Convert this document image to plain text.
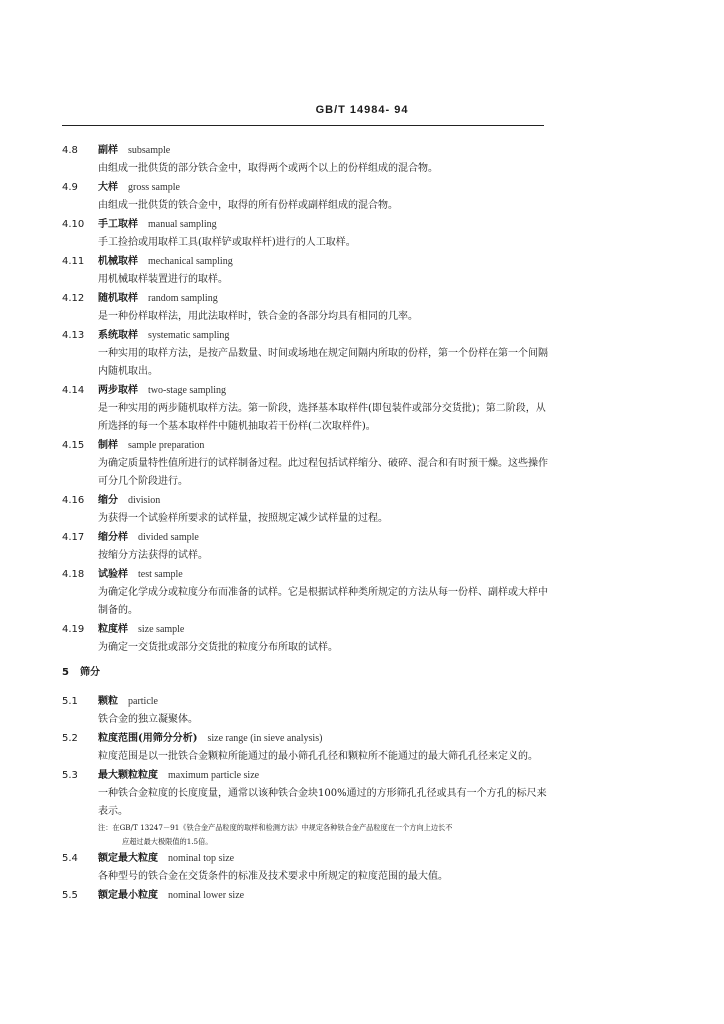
GB/T 14984- 94
4.8	副样 subsample
由组成一批供货的部分铁合金中，取得两个或两个以上的份样组成的混合物。
4.9	大样 gross sample
由组成一批供货的铁合金中，取得的所有份样或副样组成的混合物。
4.10	手工取样 manual sampling
手工捡拾或用取样工具(取样铲或取样杆)进行的人工取样。
4.11	机械取样 mechanical sampling
用机械取样装置进行的取样。
4.12	随机取样 random sampling
是一种份样取样法，用此法取样时，铁合金的各部分均具有相同的几率。
4.13	系统取样 systematic sampling
一种实用的取样方法，是按产品数量、时间或场地在规定间隔内所取的份样，第一个份样在第一个间隔内随机取出。
4.14	两步取样 two-stage sampling
是一种实用的两步随机取样方法。第一阶段，选择基本取样件(即包装件或部分交货批)；第二阶段，从所选择的每一个基本取样件中随机抽取若干份样(二次取样件)。
4.15	制样 sample preparation
为确定质量特性值所进行的试样制备过程。此过程包括试样缩分、破碎、混合和有时预干燥。这些操作可分几个阶段进行。
4.16	缩分 division
为获得一个试验样所要求的试样量，按照规定减少试样量的过程。
4.17	缩分样 divided sample
按缩分方法获得的试样。
4.18	试验样 test sample
为确定化学成分或粒度分布而准备的试样。它是根据试样种类所规定的方法从每一份样、副样或大样中制备的。
4.19	粒度样 size sample
为确定一交货批或部分交货批的粒度分布所取的试样。
5	筛分
5.1	颗粒 particle
铁合金的独立凝聚体。
5.2	粒度范围(用筛分分析) size range (in sieve analysis)
粒度范围是以一批铁合金颗粒所能通过的最小筛孔孔径和颗粒所不能通过的最大筛孔孔径来定义的。
5.3	最大颗粒粒度 maximum particle size
一种铁合金粒度的长度度量，通常以该种铁合金块100%通过的方形筛孔孔径或具有一个方孔的标尺来表示。
注：在GB/T 13247－91《铁合金产品粒度的取样和检测方法》中规定各种铁合金产品粒度在一个方向上边长不
应超过最大极限值的1.5倍。
5.4	额定最大粒度 nominal top size
各种型号的铁合金在交货条件的标准及技术要求中所规定的粒度范围的最大值。
5.5	额定最小粒度 nominal lower size
